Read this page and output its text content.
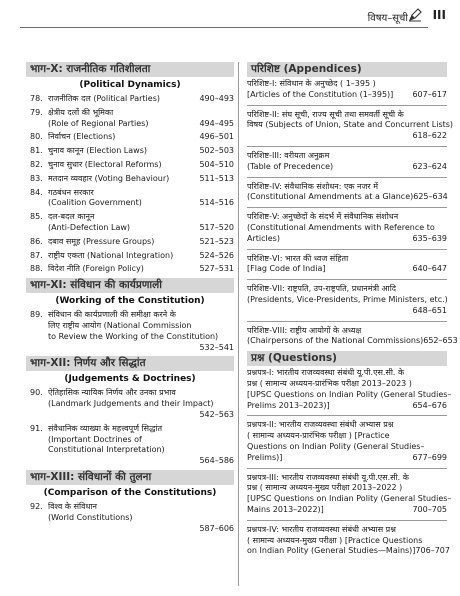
विषय–सूची III
भाग-X: राजनीतिक गतिशीलता
(Political Dynamics)
78. राजनीतिक दल (Political Parties)	490–493
79. क्षेत्रीय दलों की भूमिका
(Role of Regional Parties)	494–495
80. निर्वाचन (Elections)	496–501
81. चुनाव कानून (Election Laws)	502–503
82. चुनाव सुधार (Electoral Reforms)	504–510
83. मतदान व्यवहार (Voting Behaviour)	511–513
84. गठबंधन सरकार
(Coalition Government)	514–516
85. दल-बदल कानून
(Anti-Defection Law)	517–520
86. दबाव समूह (Pressure Groups)	521–523
87. राष्ट्रीय एकता (National Integration)	524–526
88. विदेश नीति (Foreign Policy)	527–531
भाग-XI: संविधान की कार्यप्रणाली
(Working of the Constitution)
89. संविधान की कार्यप्रणाली की समीक्षा करने के
लिए राष्ट्रीय आयोग (National Commission
to Review the Working of the Constitution)
532–541
भाग-XII: निर्णय और सिद्धांत
(Judgements & Doctrines)
90. ऐतिहासिक न्यायिक निर्णय और उनका प्रभाव
(Landmark Judgements and their Impact)
542–563
91. संवैधानिक व्याख्या के महत्त्वपूर्ण सिद्धांत
(Important Doctrines of
Constitutional Interpretation)
564–586
भाग-XIII: संविधानों की तुलना
(Comparison of the Constitutions)
92. विश्व के संविधान
(World Constitutions)
587–606
परिशिष्ट (Appendices)
परिशिष्ट-I: संविधान के अनुच्छेद ( 1–395 )
[Articles of the Constitution (1–395)] 607–617
परिशिष्ट-II: संघ सूची, राज्य सूची तथा समवर्ती सूची के
विषय (Subjects of Union, State and Concurrent Lists)
618–622
परिशिष्ट-III: वरीयता अनुक्रम
(Table of Precedence)	623–624
परिशिष्ट-IV: संवैधानिक संशोधन: एक नजर में
(Constitutional Amendments at a Glance) 625–634
परिशिष्ट-V: अनुच्छेदों के संदर्भ में संवैधानिक संशोधन
(Constitutional Amendments with Reference to
Articles)	635–639
परिशिष्ट-VI: भारत की ध्वज संहिता
[Flag Code of India]	640–647
परिशिष्ट-VII: राष्ट्रपति, उप-राष्ट्रपति, प्रधानमंत्री आदि
(Presidents, Vice-Presidents, Prime Ministers, etc.)
648–651
परिशिष्ट-VIII: राष्ट्रीय आयोगों के अध्यक्ष
(Chairpersons of the National Commissions) 652–653
प्रश्न (Questions)
प्रश्नपत्र-I: भारतीय राजव्यवस्था संबंधी यू.पी.एस.सी. के
प्रश्न ( सामान्य अध्ययन-प्रारंभिक परीक्षा 2013–2023 )
[UPSC Questions on Indian Polity (General Studies–
Prelims 2013–2023)]	654–676
प्रश्नपत्र-II: भारतीय राजव्यवस्था संबंधी अभ्यास प्रश्न
( सामान्य अध्ययन-प्रारंभिक परीक्षा ) [Practice
Questions on Indian Polity (General Studies–
Prelims)]	677–699
प्रश्नपत्र-III: भारतीय राजव्यवस्था संबंधी यू.पी.एस.सी. के
प्रश्न ( सामान्य अध्ययन-मुख्य परीक्षा 2013–2022 )
[UPSC Questions on Indian Polity (General Studies–
Mains 2013–2022)]	700–705
प्रश्नपत्र-IV: भारतीय राजव्यवस्था संबंधी अभ्यास प्रश्न
( सामान्य अध्ययन-मुख्य परीक्षा ) [Practice Questions
on Indian Polity (General Studies—Mains)] 706–707
